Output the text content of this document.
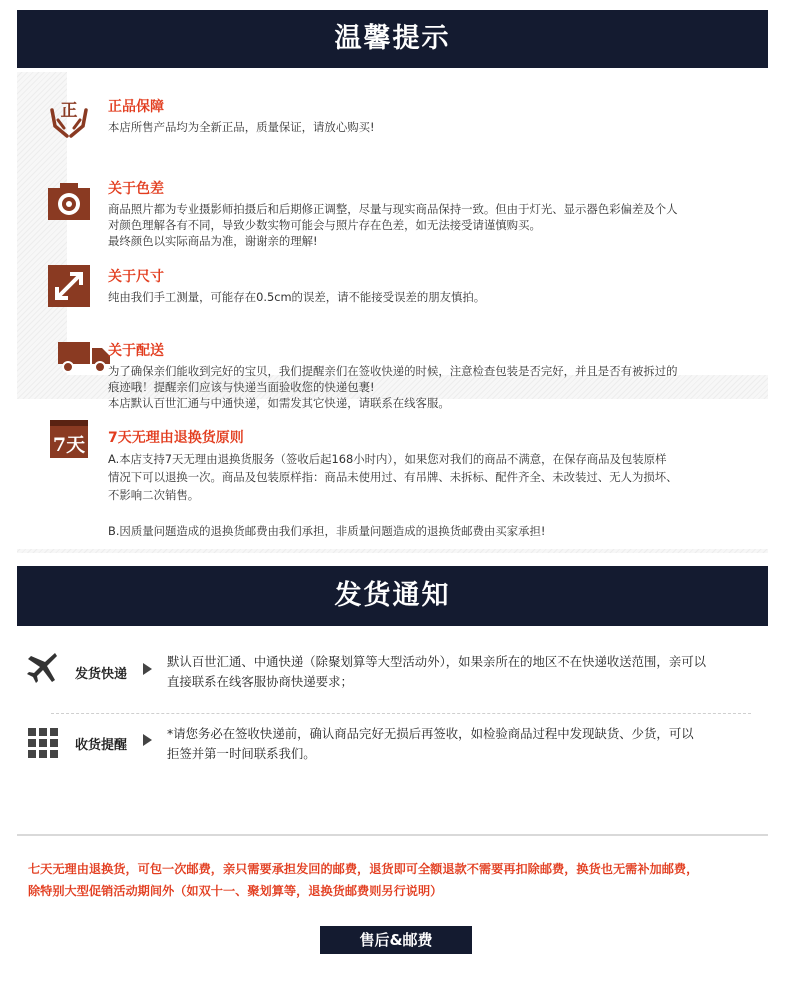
温馨提示
正
7天
正品保障

本店所售产品均为全新正品，质量保证，请放心购买!

关于色差

商品照片都为专业摄影师拍摄后和后期修正调整，尽量与现实商品保持一致。但由于灯光、显示器色彩偏差及个人
对颜色理解各有不同，导致少数实物可能会与照片存在色差，如无法接受请谨慎购买。
最终颜色以实际商品为准，谢谢亲的理解!

关于尺寸

纯由我们手工测量，可能存在0.5cm的误差，请不能接受误差的朋友慎拍。

关于配送

为了确保亲们能收到完好的宝贝，我们提醒亲们在签收快递的时候，注意检查包装是否完好，并且是否有被拆过的
痕迹哦！提醒亲们应该与快递当面验收您的快递包裹!
本店默认百世汇通与中通快递，如需发其它快递，请联系在线客服。

7天无理由退换货原则

A.本店支持7天无理由退换货服务（签收后起168小时内），如果您对我们的商品不满意，在保存商品及包装原样
情况下可以退换一次。商品及包装原样指：商品未使用过、有吊牌、未拆标、配件齐全、未改装过、无人为损坏、
不影响二次销售。

B.因质量问题造成的退换货邮费由我们承担，非质量问题造成的退换货邮费由买家承担!

发货通知
发货快递
默认百世汇通、中通快递（除聚划算等大型活动外），如果亲所在的地区不在快递收送范围，亲可以
直接联系在线客服协商快递要求；
收货提醒
*请您务必在签收快递前，确认商品完好无损后再签收，如检验商品过程中发现缺货、少货，可以
拒签并第一时间联系我们。
七天无理由退换货，可包一次邮费，亲只需要承担发回的邮费，退货即可全额退款不需要再扣除邮费，换货也无需补加邮费，
除特别大型促销活动期间外（如双十一、聚划算等，退换货邮费则另行说明）
售后&邮费
